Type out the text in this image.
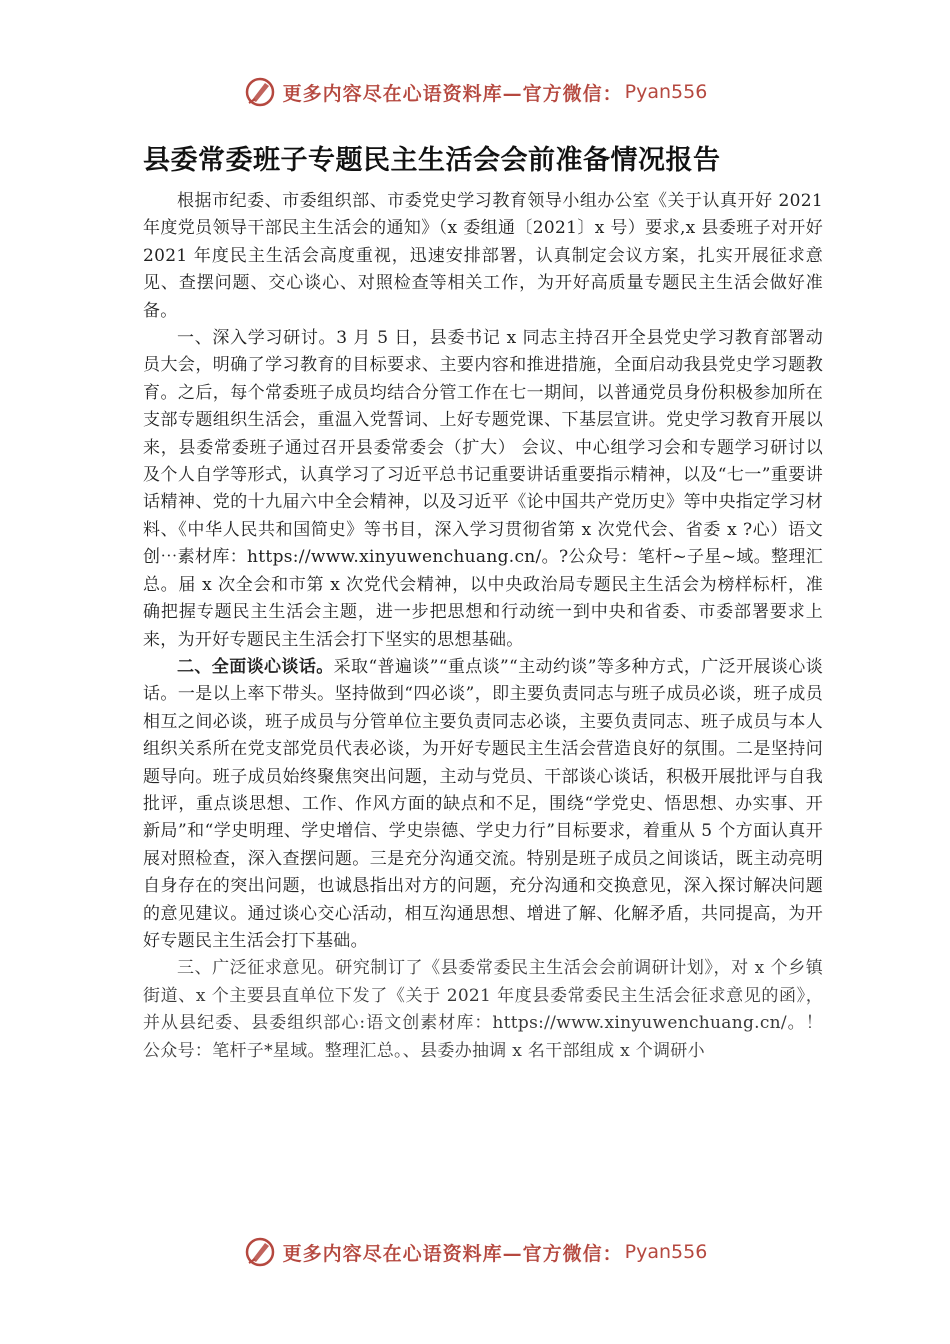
更多内容尽在心语资料库—官方微信： Pyan556
县委常委班子专题民主生活会会前准备情况报告

根据市纪委、市委组织部、市委党史学习教育领导小组办公室《关于认真开好 2021 年度党员领导干部民主生活会的通知》（x 委组通〔2021〕x 号）要求,x 县委班子对开好 2021 年度民主生活会高度重视，迅速安排部署，认真制定会议方案，扎实开展征求意见、查摆问题、交心谈心、对照检查等相关工作，为开好高质量专题民主生活会做好准备。

一、深入学习研讨。3 月 5 日，县委书记 x 同志主持召开全县党史学习教育部署动员大会，明确了学习教育的目标要求、主要内容和推进措施，全面启动我县党史学习题教育。之后，每个常委班子成员均结合分管工作在七一期间，以普通党员身份积极参加所在支部专题组织生活会，重温入党誓词、上好专题党课、下基层宣讲。党史学习教育开展以来，县委常委班子通过召开县委常委会（扩大） 会议、中心组学习会和专题学习研讨以及个人自学等形式，认真学习了习近平总书记重要讲话重要指示精神，以及“七一”重要讲话精神、党的十九届六中全会精神，以及习近平《论中国共产党历史》等中央指定学习材料、《中华人民共和国简史》等书目，深入学习贯彻省第 x 次党代会、省委 x ?心）语文创⋯素材库：https://www.xinyuwenchuang.cn/。?公众号：笔杆~子星~域。整理汇总。届 x 次全会和市第 x 次党代会精神，以中央政治局专题民主生活会为榜样标杆，准确把握专题民主生活会主题，进一步把思想和行动统一到中央和省委、市委部署要求上来，为开好专题民主生活会打下坚实的思想基础。

二、全面谈心谈话。采取“普遍谈”“重点谈”“主动约谈”等多种方式，广泛开展谈心谈话。一是以上率下带头。坚持做到“四必谈”，即主要负责同志与班子成员必谈，班子成员相互之间必谈，班子成员与分管单位主要负责同志必谈，主要负责同志、班子成员与本人组织关系所在党支部党员代表必谈，为开好专题民主生活会营造良好的氛围。二是坚持问题导向。班子成员始终聚焦突出问题，主动与党员、干部谈心谈话，积极开展批评与自我批评，重点谈思想、工作、作风方面的缺点和不足，围绕“学党史、悟思想、办实事、开新局”和“学史明理、学史增信、学史崇德、学史力行”目标要求，着重从 5 个方面认真开展对照检查，深入查摆问题。三是充分沟通交流。特别是班子成员之间谈话，既主动亮明自身存在的突出问题，也诚恳指出对方的问题，充分沟通和交换意见，深入探讨解决问题的意见建议。通过谈心交心活动，相互沟通思想、增进了解、化解矛盾，共同提高，为开好专题民主生活会打下基础。

三、广泛征求意见。研究制订了《县委常委民主生活会会前调研计划》，对 x 个乡镇街道、x 个主要县直单位下发了《关于 2021 年度县委常委民主生活会征求意见的函》，并从县纪委、县委组织部心:语文创素材库：https://www.xinyuwenchuang.cn/。！公众号：笔杆子*星域。整理汇总。、县委办抽调 x 名干部组成 x 个调研小

更多内容尽在心语资料库—官方微信： Pyan556
